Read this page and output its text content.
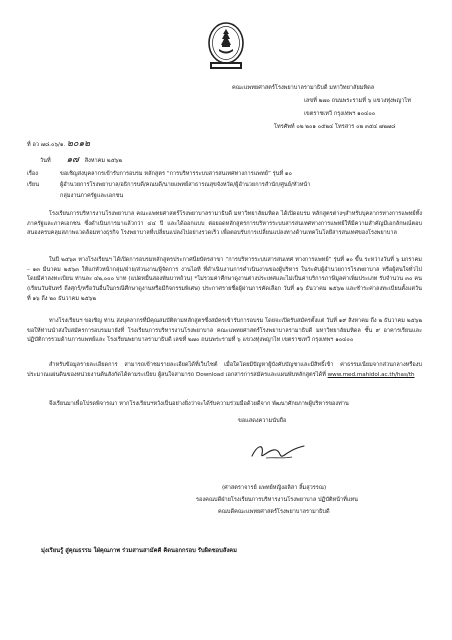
คณะแพทยศาสตร์โรงพยาบาลรามาธิบดี มหาวิทยาลัยมหิดล
เลขที่ ๒๗๐ ถนนพระรามที่ ๖ แขวงทุ่งพญาไท
เขตราชเทวี กรุงเทพฯ ๑๐๔๐๐
โทรศัพท์ ๐๒ ๒๐๑ ๐๕๒๔ โทรสาร ๐๒ ๓๕๔ ๗๒๗๘
ที่ อว ๗๘.๐๖/๑. ๒๐๑๒
วันที่ ๑๗ สิงหาคม ๒๕๖๒
เรื่อง	ขอเชิญส่งบุคลากรเข้ารับการอบรม หลักสูตร “การบริหารระบบสารสนเทศทางการแพทย์” รุ่นที่ ๑๐
เรียน	ผู้อำนวยการโรงพยาบาล/อธิการบดี/คณบดี/นายแพทย์สาธารณสุขจังหวัด/ผู้อำนวยการสำนัก/ศูนย์/หัวหน้า
กลุ่มงานภาครัฐและเอกชน

โรงเรียนการบริหารงานโรงพยาบาล คณะแพทยศาสตร์โรงพยาบาลรามาธิบดี มหาวิทยาลัยมหิดล ได้เปิดอบรม หลักสูตรต่างๆสำหรับบุคลากรทางการแพทย์ทั้งภาครัฐและภาคเอกชน ซึ่งดำเนินการมาแล้วกว่า ๔๔ ปี และได้ออกแบบ ต่อยอดหลักสูตรการบริหารระบบสารสนเทศทางการแพทย์ให้มีความสำคัญมีเอกลักษณ์ตอบสนองครบคลุมสภาพแวดล้อมทางธุรกิจ โรงพยาบาลที่เปลี่ยนแปลงไปอย่างรวดเร็ว เพื่อตอบรับการเปลี่ยนแปลงทางด้านเทคโนโลยีสารสนเทศของโรงพยาบาล

ในปี ๒๕๖๓ ทางโรงเรียนฯ ได้เปิดการอบรมหลักสูตรประกาศนียบัตรสาขา “การบริหารระบบสารสนเทศ ทางการแพทย์” รุ่นที่ ๑๐ ขึ้น ระหว่างวันที่ ๖ มกราคม – ๑๓ มีนาคม ๒๕๖๓ ให้แก่หัวหน้ากลุ่ม/ฝ่าย/ส่วนงาน/ผู้จัดการ งานไอที ที่ดำเนินงานการดำเนินงานของผู้บริหาร ในระดับผู้อำนวยการโรงพยาบาล หรือผู้สนใจทั่วไป โดยมีค่าลงทะเบียน ท่านละ ๔๒,๐๐๐ บาท (แปดหมื่นสองพันบาทถ้วน) *ไม่รวมค่าศึกษาดูงานต่างประเทศและไม่เป็นค่าบริการภาษีมูลค่าเพิ่มประเภท รับจำนวน ๓๐ คน (เรียนวันจันทร์ ถึงศุกร์/หรือวันอื่นในกรณีศึกษาดูงานหรือมีกิจกรรมพิเศษ) ประกาศรายชื่อผู้ผ่านการคัดเลือก วันที่ ๑๖ ธันวาคม ๒๕๖๒ และชำระค่าลงทะเบียนตั้งแต่วันที่ ๑๖ ถึง ๒๐ ธันวาคม ๒๕๖๒

ทางโรงเรียนฯ ขอเชิญ ท่าน ส่งบุคลากรที่มีคุณสมบัติตามหลักสูตรซึ่งสมัครเข้ารับการอบรม โดยจะเปิดรับสมัครตั้งแต่ วันที่ ๑๙ สิงหาคม ถึง ๒ ธันวาคม ๒๕๖๒ ขอให้ท่านนำส่งใบสมัครการอบรมมายังที่ โรงเรียนการบริหารงานโรงพยาบาล คณะแพทยศาสตร์โรงพยาบาลรามาธิบดี มหาวิทยาลัยมหิดล ชั้น ๙ อาคารเรียนและปฏิบัติการรวมด้านการแพทย์และ โรงเรียนพยาบาลรามาธิบดี เลขที่ ๒๗๐ ถนนพระรามที่ ๖ แขวงทุ่งพญาไท เขตราชเทวี กรุงเทพฯ ๑๐๔๐๐

สำหรับข้อมูลรายละเอียดการ สามารถเข้าชมรายละเอียดได้ที่เว็บไซต์ เมื่อใดโดยมีปัญหาผู้บังคับบัญชาและมีสิทธิ์เข้า ค่าธรรมเนียมจากส่วนกลางหรืองบประมาณแผ่นดินของหน่วยงานต้นสังกัดได้ตามระเบียบ ผู้สนใจสามารถ Download เอกสารการสมัครและแผนพับหลักสูตรได้ที่ www.med.mahidol.ac.th/has/th

จึงเรียนมาเพื่อโปรดพิจารณา หากโรงเรียนฯหวังเป็นอย่างยิ่งว่าจะได้รับความร่วมมือด้วยดีจาก พัฒนาศักยภาพผู้บริหารของท่าน

ขอแสดงความนับถือ
(ศาสตราจารย์ แพทย์หญิงอลิสา ลิ้มสุวรรณ)
รองคณบดีฝ่ายโรงเรียนการบริหารงานโรงพยาบาล ปฏิบัติหน้าที่แทน
คณบดีคณะแพทยศาสตร์โรงพยาบาลรามาธิบดี
มุ่งเรียนรู้ สู่คุณธรรม ใฝ่คุณภาพ ร่วมสานสามัคคี คิดนอกกรอบ รับผิดชอบสังคม
